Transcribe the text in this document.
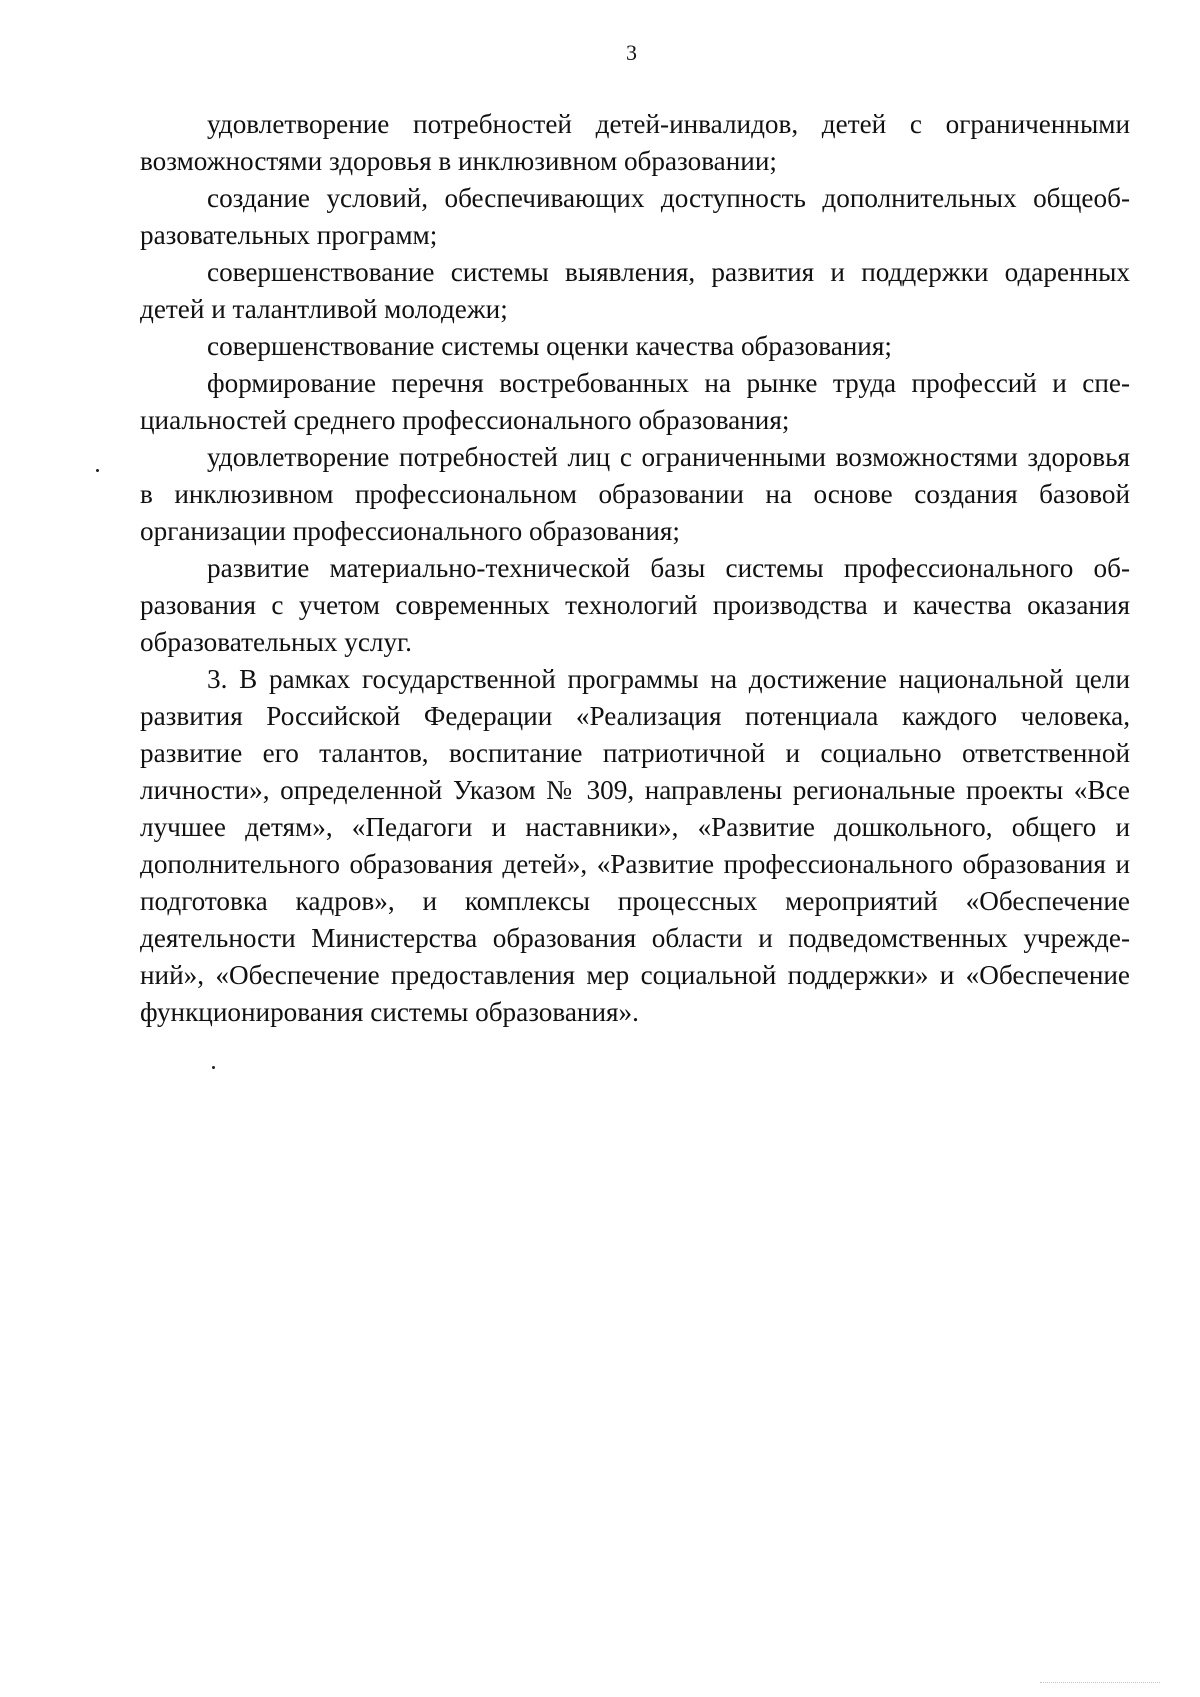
3

удовлетворение потребностей детей-инвалидов, детей с ограниченными возможностями здоровья в инклюзивном образовании;

создание условий, обеспечивающих доступность дополнительных общеобразовательных программ;

совершенствование системы выявления, развития и поддержки одаренных детей и талантливой молодежи;

совершенствование системы оценки качества образования;

формирование перечня востребованных на рынке труда профессий и специальностей среднего профессионального образования;

удовлетворение потребностей лиц с ограниченными возможностями здоровья в инклюзивном профессиональном образовании на основе создания базовой организации профессионального образования;

развитие материально-технической базы системы профессионального образования с учетом современных технологий производства и качества оказания образовательных услуг.

3. В рамках государственной программы на достижение национальной цели развития Российской Федерации «Реализация потенциала каждого человека, развитие его талантов, воспитание патриотичной и социально ответственной личности», определенной Указом № 309, направлены региональные проекты «Все лучшее детям», «Педагоги и наставники», «Развитие дошкольного, общего и дополнительного образования детей», «Развитие профессионального образования и подготовка кадров», и комплексы процессных мероприятий «Обеспечение деятельности Министерства образования области и подведомственных учреждений», «Обеспечение предоставления мер социальной поддержки» и «Обеспечение функционирования системы образования».
